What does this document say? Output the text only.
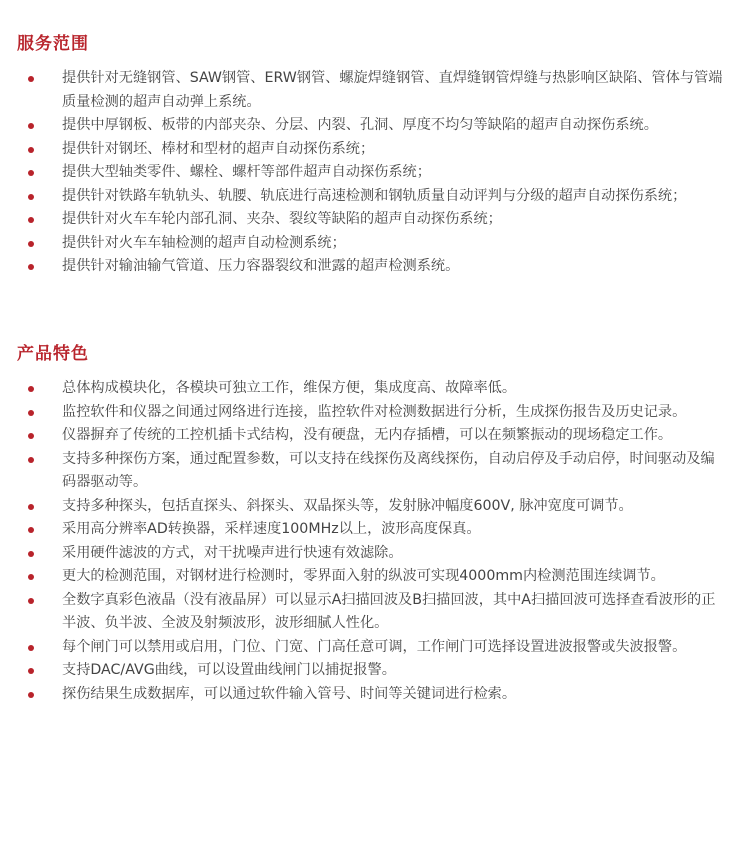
服务范围
提供针对无缝钢管、SAW钢管、ERW钢管、螺旋焊缝钢管、直焊缝钢管焊缝与热影响区缺陷、管体与管端质量检测的超声自动弹上系统。
提供中厚钢板、板带的内部夹杂、分层、内裂、孔洞、厚度不均匀等缺陷的超声自动探伤系统。
提供针对钢坯、棒材和型材的超声自动探伤系统；
提供大型轴类零件、螺栓、螺杆等部件超声自动探伤系统；
提供针对铁路车轨轨头、轨腰、轨底进行高速检测和钢轨质量自动评判与分级的超声自动探伤系统；
提供针对火车车轮内部孔洞、夹杂、裂纹等缺陷的超声自动探伤系统；
提供针对火车车轴检测的超声自动检测系统；
提供针对输油输气管道、压力容器裂纹和泄露的超声检测系统。
产品特色
总体构成模块化，各模块可独立工作，维保方便，集成度高、故障率低。
监控软件和仪器之间通过网络进行连接，监控软件对检测数据进行分析，生成探伤报告及历史记录。
仪器摒弃了传统的工控机插卡式结构，没有硬盘，无内存插槽，可以在频繁振动的现场稳定工作。
支持多种探伤方案，通过配置参数，可以支持在线探伤及离线探伤，自动启停及手动启停，时间驱动及编码器驱动等。
支持多种探头，包括直探头、斜探头、双晶探头等，发射脉冲幅度600V, 脉冲宽度可调节。
采用高分辨率AD转换器，采样速度100MHz以上，波形高度保真。
采用硬件滤波的方式，对干扰噪声进行快速有效滤除。
更大的检测范围，对钢材进行检测时，零界面入射的纵波可实现4000mm内检测范围连续调节。
全数字真彩色液晶（没有液晶屏）可以显示A扫描回波及B扫描回波，其中A扫描回波可选择查看波形的正半波、负半波、全波及射频波形，波形细腻人性化。
每个闸门可以禁用或启用，门位、门宽、门高任意可调，工作闸门可选择设置进波报警或失波报警。
支持DAC/AVG曲线，可以设置曲线闸门以捕捉报警。
探伤结果生成数据库，可以通过软件输入管号、时间等关键词进行检索。
